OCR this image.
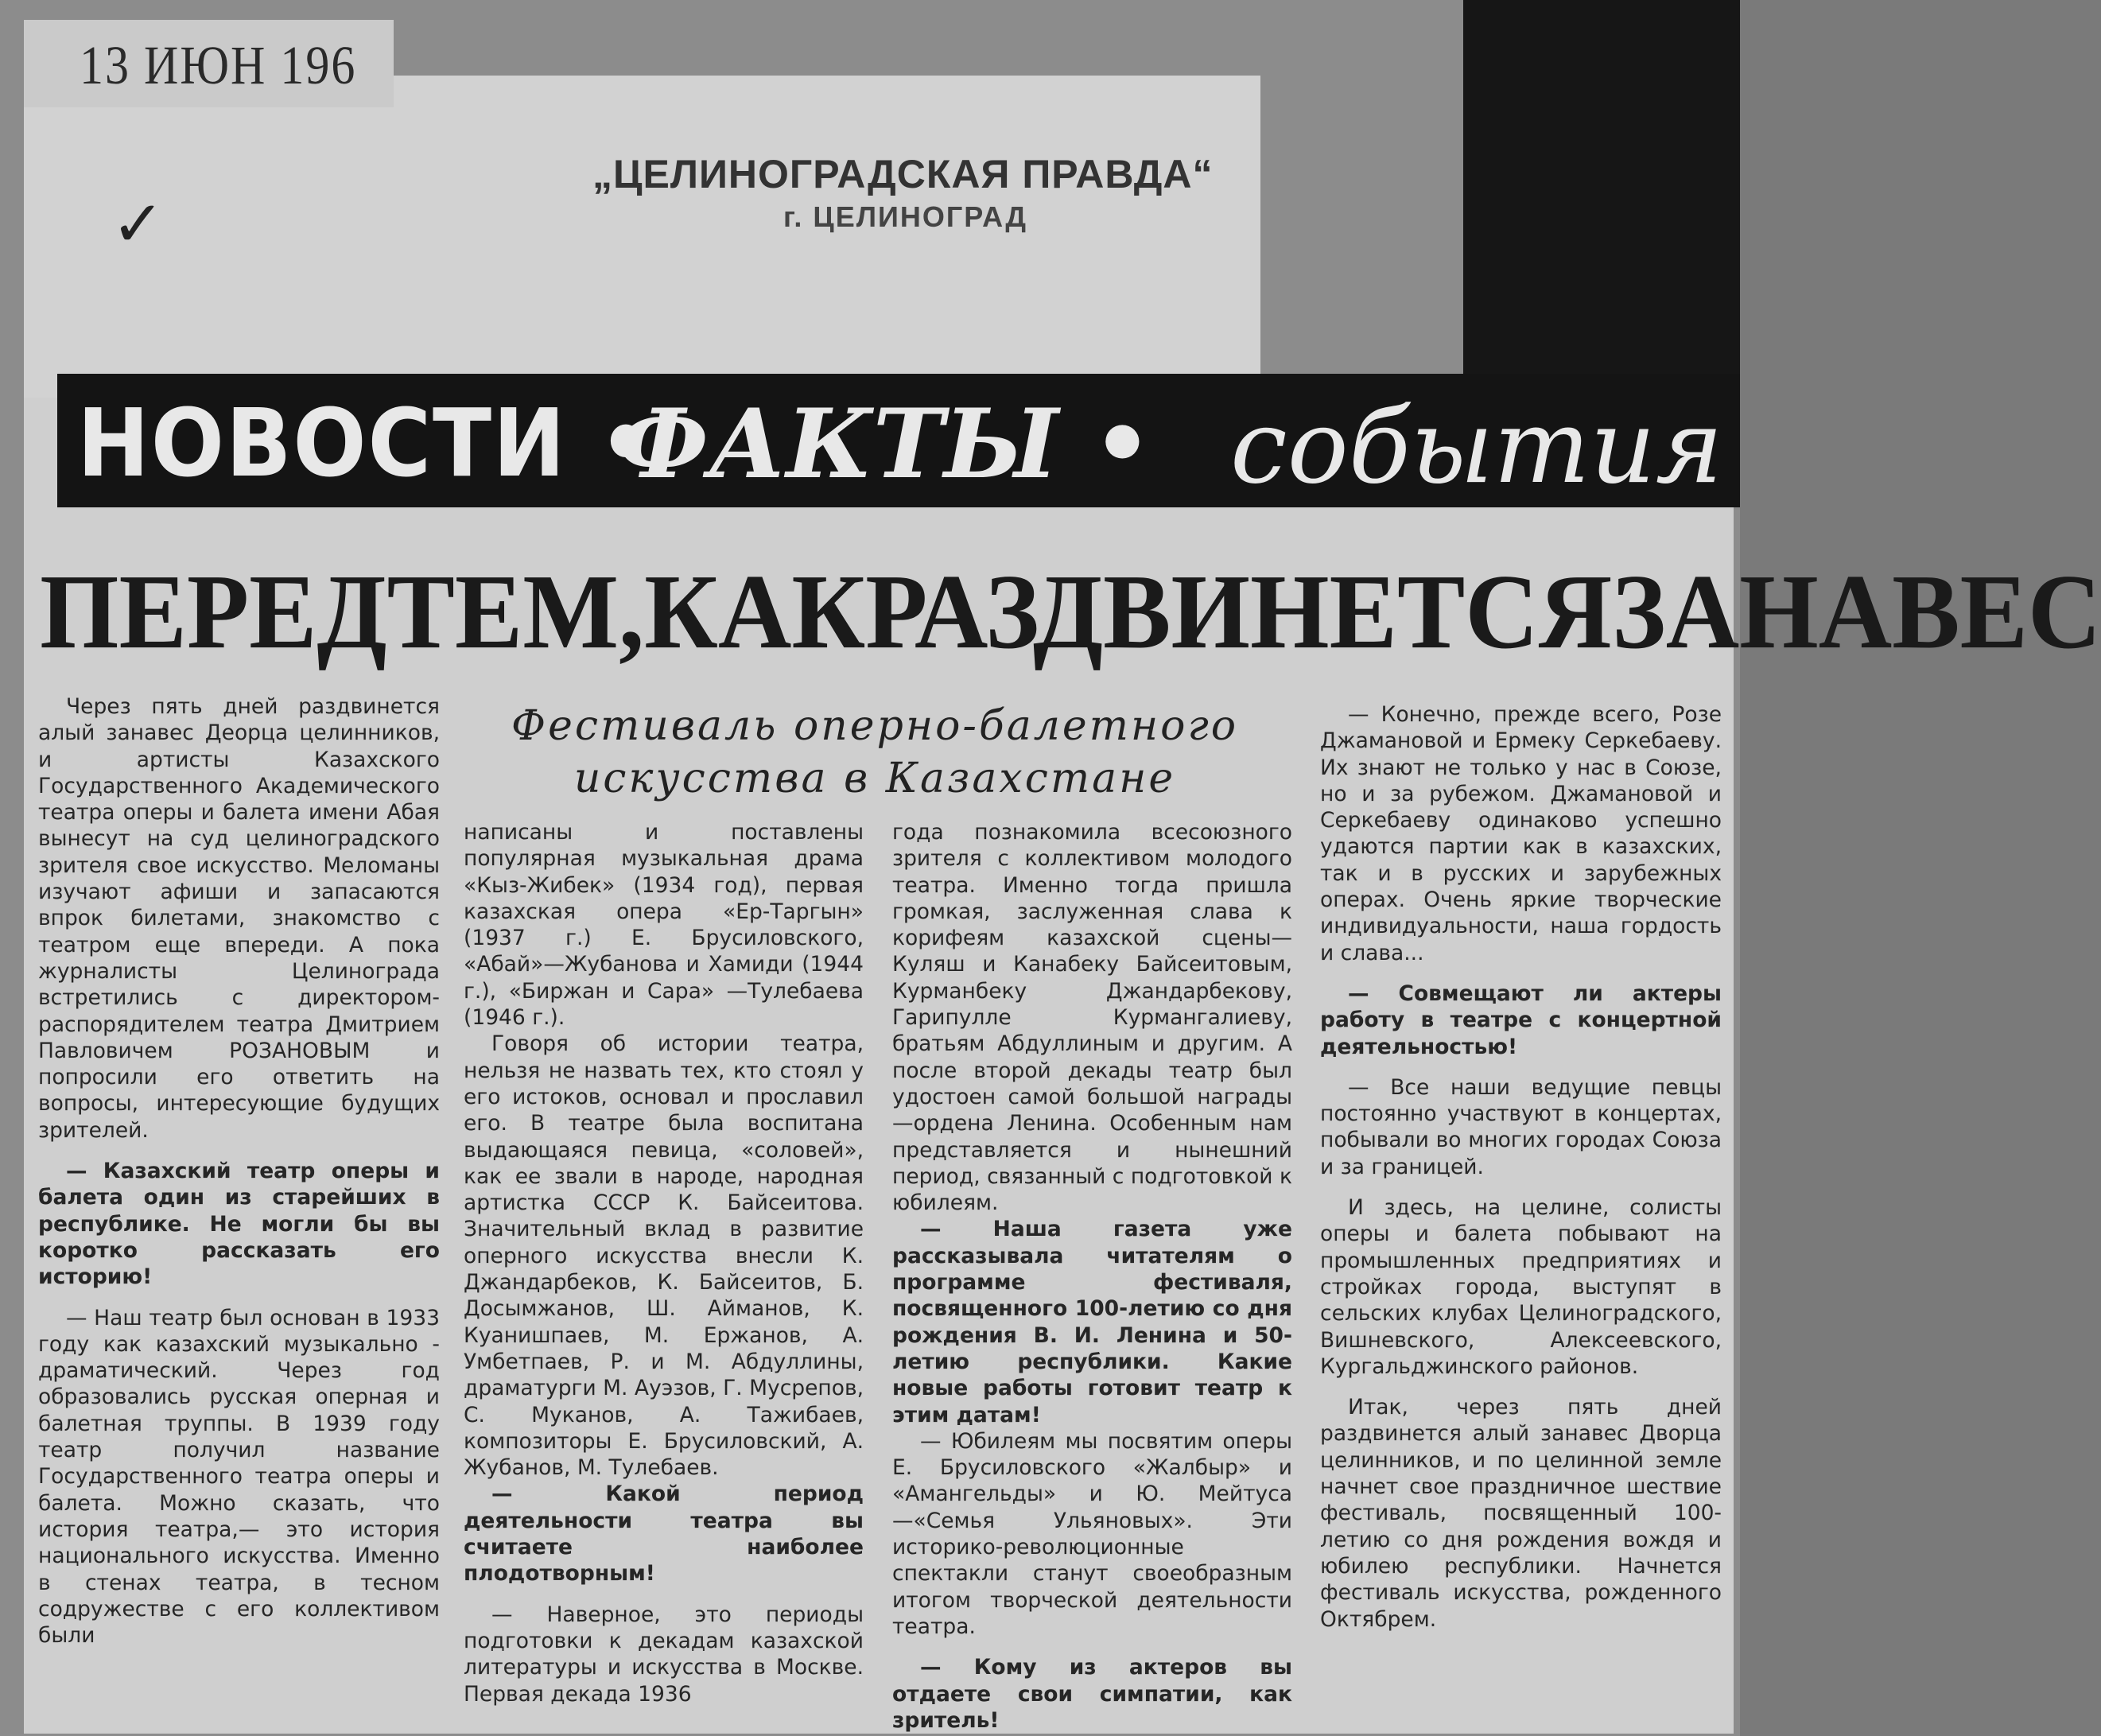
13 ИЮН 196
✓
„ЦЕЛИНОГРАДСКАЯ ПРАВДА“
г. ЦЕЛИНОГРАД
НОВОСТИ •
ФАКТЫ • события
ПЕРЕД ТЕМ, КАК РАЗДВИНЕТСЯ ЗАНАВЕС
Фестиваль оперно-балетного
искусства в Казахстане

Через пять дней раздвинется алый занавес Деорца целинников, и артисты Казахского Государственного Академического театра оперы и балета имени Абая вынесут на суд целиноградского зрителя свое искусство. Меломаны изучают афиши и запасаются впрок билетами, знакомство с театром еще впереди. А пока журналисты Целинограда встретились с директором-распорядителем театра Дмитрием Павловичем РОЗАНОВЫМ и попросили его ответить на вопросы, интересующие будущих зрителей.

— Казахский театр оперы и балета один из старейших в республике. Не могли бы вы коротко рассказать его историю!

— Наш театр был основан в 1933 году как казахский музыкально - драматический. Через год образовались русская оперная и балетная труппы. В 1939 году театр получил название Государственного театра оперы и балета. Можно сказать, что история театра,— это история национального искусства. Именно в стенах театра, в тесном содружестве с его коллективом были

написаны и поставлены популярная музыкальная драма «Кыз-Жибек» (1934 год), первая казахская опера «Ер-Таргын» (1937 г.) Е. Брусиловского, «Абай»—Жубанова и Хамиди (1944 г.), «Биржан и Сара» —Тулебаева (1946 г.).

Говоря об истории театра, нельзя не назвать тех, кто стоял у его истоков, основал и прославил его. В театре была воспитана выдающаяся певица, «соловей», как ее звали в народе, народная артистка СССР К. Байсеитова. Значительный вклад в развитие оперного искусства внесли К. Джандарбеков, К. Байсеитов, Б. Досымжанов, Ш. Айманов, К. Куанишпаев, М. Ержанов, А. Умбетпаев, Р. и М. Абдуллины, драматурги М. Ауэзов, Г. Мусрепов, С. Муканов, А. Тажибаев, композиторы Е. Брусиловский, А. Жубанов, М. Тулебаев.

— Какой период деятельности театра вы считаете наиболее плодотворным!

— Наверное, это периоды подготовки к декадам казахской литературы и искусства в Москве. Первая декада 1936

года познакомила всесоюзного зрителя с коллективом молодого театра. Именно тогда пришла громкая, заслуженная слава к корифеям казахской сцены—Куляш и Канабеку Байсеитовым, Курманбеку Джандарбекову, Гарипулле Курмангалиеву, братьям Абдуллиным и другим. А после второй декады театр был удостоен самой большой награды —ордена Ленина. Особенным нам представляется и нынешний период, связанный с подготовкой к юбилеям.

— Наша газета уже рассказывала читателям о программе фестиваля, посвященного 100-летию со дня рождения В. И. Ленина и 50-летию республики. Какие новые работы готовит театр к этим датам!

— Юбилеям мы посвятим оперы Е. Брусиловского «Жалбыр» и «Амангельды» и Ю. Мейтуса—«Семья Ульяновых». Эти историко-революционные спектакли станут своеобразным итогом творческой деятельности театра.

— Кому из актеров вы отдаете свои симпатии, как зритель!

— Конечно, прежде всего, Розе Джамановой и Ермеку Серкебаеву. Их знают не только у нас в Союзе, но и за рубежом. Джамановой и Серкебаеву одинаково успешно удаются партии как в казахских, так и в русских и зарубежных операх. Очень яркие творческие индивидуальности, наша гордость и слава...

— Совмещают ли актеры работу в театре с концертной деятельностью!

— Все наши ведущие певцы постоянно участвуют в концертах, побывали во многих городах Союза и за границей.

И здесь, на целине, солисты оперы и балета побывают на промышленных предприятиях и стройках города, выступят в сельских клубах Целиноградского, Вишневского, Алексеевского, Кургальджинского районов.

Итак, через пять дней раздвинется алый занавес Дворца целинников, и по целинной земле начнет свое праздничное шествие фестиваль, посвященный 100-летию со дня рождения вождя и юбилею республики. Начнется фестиваль искусства, рожденного Октябрем.
